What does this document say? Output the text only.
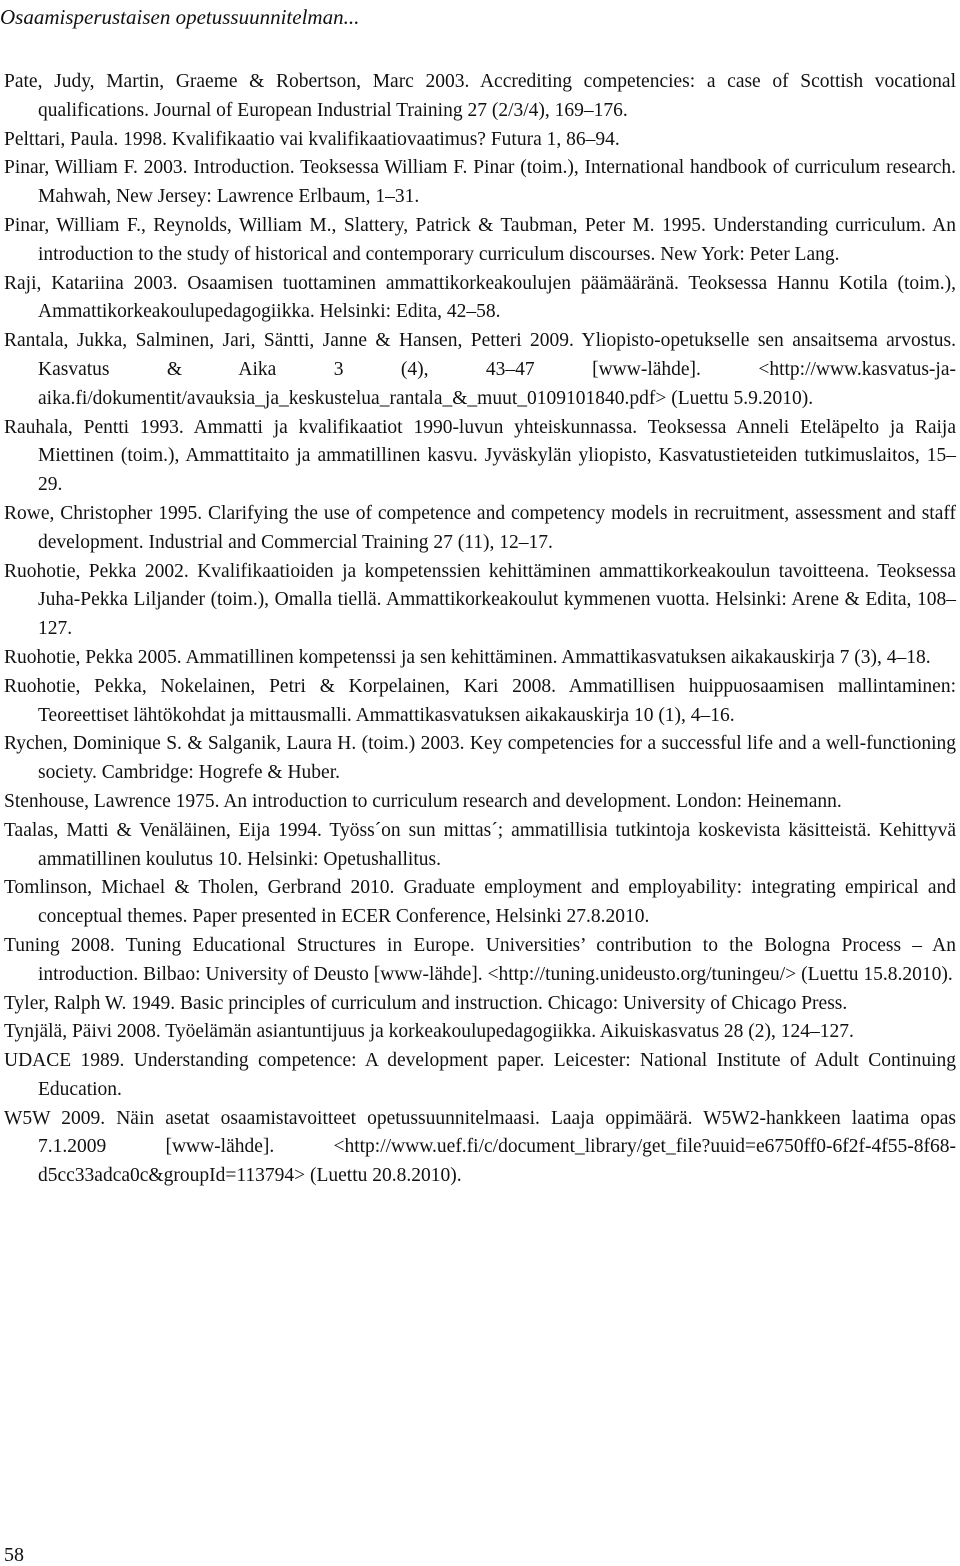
Osaamisperustaisen opetussuunnitelman...

Pate, Judy, Martin, Graeme & Robertson, Marc 2003. Accrediting competencies: a case of Scottish vocational qualifications. Journal of European Industrial Training 27 (2/3/4), 169–176.

Pelttari, Paula. 1998. Kvalifikaatio vai kvalifikaatiovaatimus? Futura 1, 86–94.

Pinar, William F. 2003. Introduction. Teoksessa William F. Pinar (toim.), International handbook of curriculum research. Mahwah, New Jersey: Lawrence Erlbaum, 1–31.

Pinar, William F., Reynolds, William M., Slattery, Patrick & Taubman, Peter M. 1995. Understanding curriculum. An introduction to the study of historical and contemporary curriculum discourses. New York: Peter Lang.

Raji, Katariina 2003. Osaamisen tuottaminen ammattikorkeakoulujen päämääränä. Teoksessa Hannu Kotila (toim.), Ammattikorkeakoulupedagogiikka. Helsinki: Edita, 42–58.

Rantala, Jukka, Salminen, Jari, Säntti, Janne & Hansen, Petteri 2009. Yliopisto-opetukselle sen ansaitsema arvostus. Kasvatus & Aika 3 (4), 43–47 [www-lähde]. <http://www.kasvatus-ja-aika.fi/dokumentit/avauksia_ja_keskustelua_rantala_&_muut_0109101840.pdf> (Luettu 5.9.2010).

Rauhala, Pentti 1993. Ammatti ja kvalifikaatiot 1990-luvun yhteiskunnassa. Teoksessa Anneli Eteläpelto ja Raija Miettinen (toim.), Ammattitaito ja ammatillinen kasvu. Jyväskylän yliopisto, Kasvatustieteiden tutkimuslaitos, 15–29.

Rowe, Christopher 1995. Clarifying the use of competence and competency models in recruitment, assessment and staff development. Industrial and Commercial Training 27 (11), 12–17.

Ruohotie, Pekka 2002. Kvalifikaatioiden ja kompetenssien kehittäminen ammattikorkeakoulun tavoitteena. Teoksessa Juha-Pekka Liljander (toim.), Omalla tiellä. Ammattikorkeakoulut kymmenen vuotta. Helsinki: Arene & Edita, 108–127.

Ruohotie, Pekka 2005. Ammatillinen kompetenssi ja sen kehittäminen. Ammattikasvatuksen aikakauskirja 7 (3), 4–18.

Ruohotie, Pekka, Nokelainen, Petri & Korpelainen, Kari 2008. Ammatillisen huippuosaamisen mallintaminen: Teoreettiset lähtökohdat ja mittausmalli. Ammattikasvatuksen aikakauskirja 10 (1), 4–16.

Rychen, Dominique S. & Salganik, Laura H. (toim.) 2003. Key competencies for a successful life and a well-functioning society. Cambridge: Hogrefe & Huber.

Stenhouse, Lawrence 1975. An introduction to curriculum research and development. London: Heinemann.

Taalas, Matti & Venäläinen, Eija 1994. Työss´on sun mittas´; ammatillisia tutkintoja koskevista käsitteistä. Kehittyvä ammatillinen koulutus 10. Helsinki: Opetushallitus.

Tomlinson, Michael & Tholen, Gerbrand 2010. Graduate employment and employability: integrating empirical and conceptual themes. Paper presented in ECER Conference, Helsinki 27.8.2010.

Tuning 2008. Tuning Educational Structures in Europe. Universities’ contribution to the Bologna Process – An introduction. Bilbao: University of Deusto [www-lähde]. <http://tuning.unideusto.org/tuningeu/> (Luettu 15.8.2010).

Tyler, Ralph W. 1949. Basic principles of curriculum and instruction. Chicago: University of Chicago Press.

Tynjälä, Päivi 2008. Työelämän asiantuntijuus ja korkeakoulupedagogiikka. Aikuiskasvatus 28 (2), 124–127.

UDACE 1989. Understanding competence: A development paper. Leicester: National Institute of Adult Continuing Education.

W5W 2009. Näin asetat osaamistavoitteet opetussuunnitelmaasi. Laaja oppimäärä. W5W2-hankkeen laatima opas 7.1.2009 [www-lähde]. <http://www.uef.fi/c/document_library/get_file?uuid=e6750ff0-6f2f-4f55-8f68-d5cc33adca0c&groupId=113794> (Luettu 20.8.2010).

58
